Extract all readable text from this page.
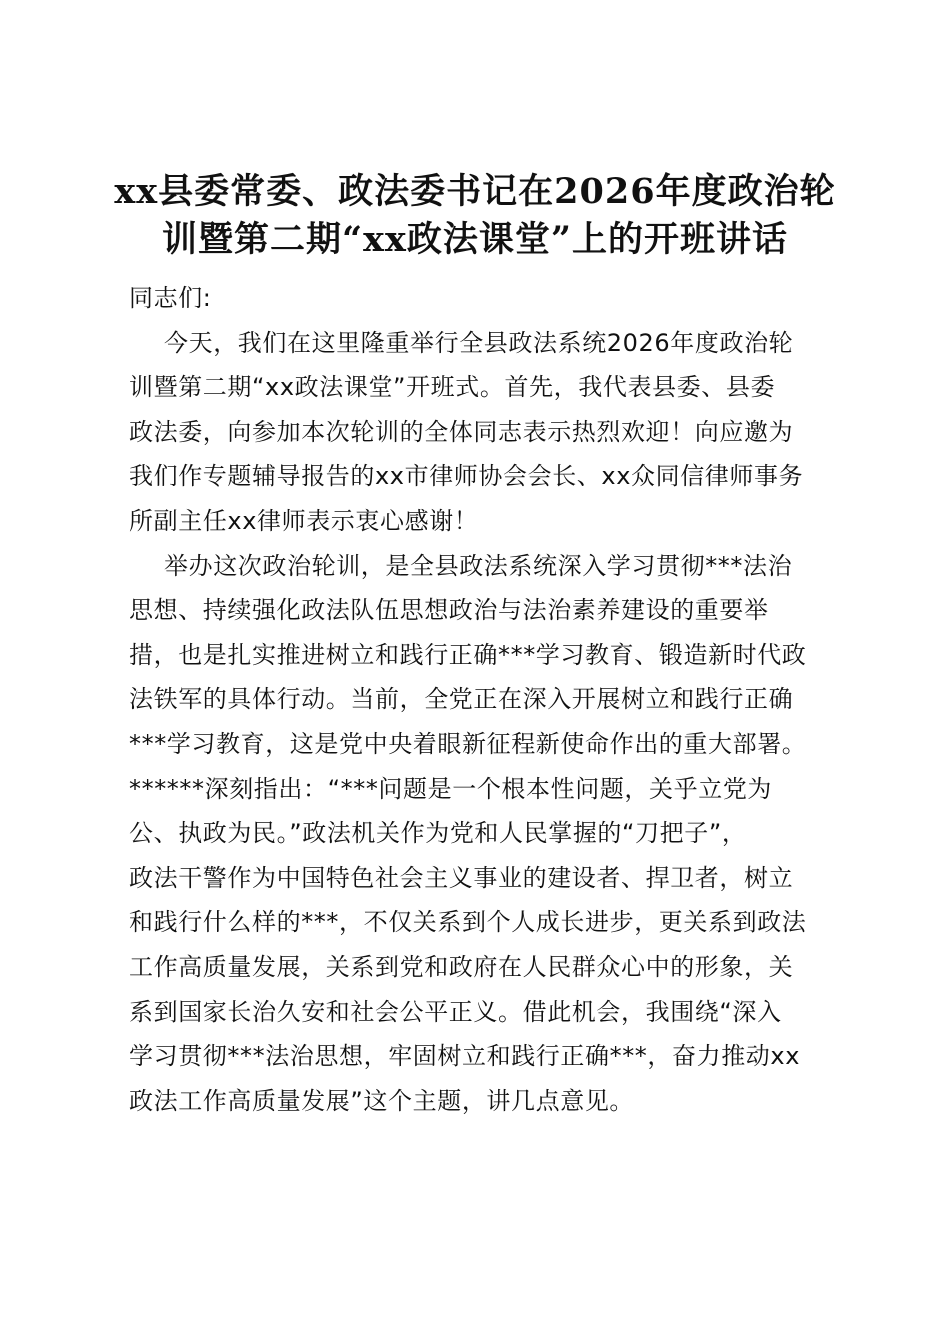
xx县委常委、政法委书记在2026年度政治轮
训暨第二期“xx政法课堂”上的开班讲话

同志们:

今天，我们在这里隆重举行全县政法系统2026年度政治轮
训暨第二期“xx政法课堂”开班式。首先，我代表县委、县委
政法委，向参加本次轮训的全体同志表示热烈欢迎！向应邀为
我们作专题辅导报告的xx市律师协会会长、xx众同信律师事务
所副主任xx律师表示衷心感谢！
举办这次政治轮训，是全县政法系统深入学习贯彻***法治
思想、持续强化政法队伍思想政治与法治素养建设的重要举
措，也是扎实推进树立和践行正确***学习教育、锻造新时代政
法铁军的具体行动。当前，全党正在深入开展树立和践行正确
***学习教育，这是党中央着眼新征程新使命作出的重大部署。
******深刻指出：“***问题是一个根本性问题，关乎立党为
公、执政为民。”政法机关作为党和人民掌握的“刀把子”，
政法干警作为中国特色社会主义事业的建设者、捍卫者，树立
和践行什么样的***，不仅关系到个人成长进步，更关系到政法
工作高质量发展，关系到党和政府在人民群众心中的形象，关
系到国家长治久安和社会公平正义。借此机会，我围绕“深入
学习贯彻***法治思想，牢固树立和践行正确***，奋力推动xx
政法工作高质量发展”这个主题，讲几点意见。
